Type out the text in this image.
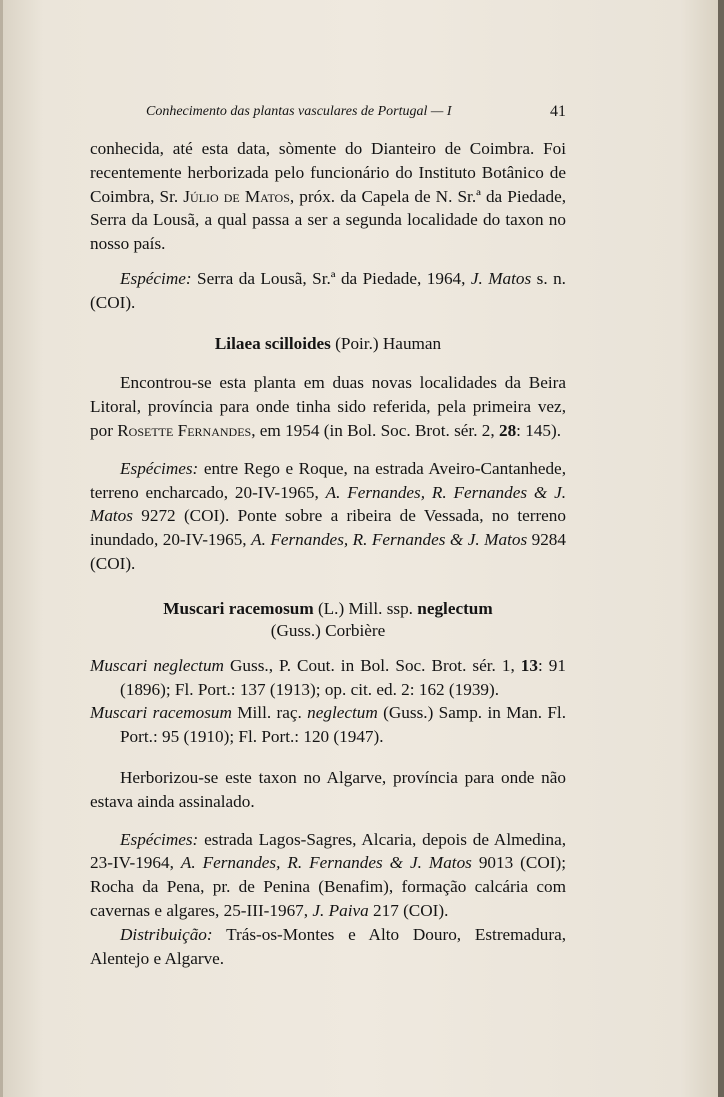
Conhecimento das plantas vasculares de Portugal — I	41

conhecida, até esta data, sòmente do Dianteiro de Coimbra. Foi recentemente herborizada pelo funcionário do Instituto Botânico de Coimbra, Sr. Júlio de Matos, próx. da Capela de N. Sr.ª da Piedade, Serra da Lousã, a qual passa a ser a segunda localidade do taxon no nosso país.

Espécime: Serra da Lousã, Sr.ª da Piedade, 1964, J. Matos s. n. (COI).

Lilaea scilloides (Poir.) Hauman

Encontrou-se esta planta em duas novas localidades da Beira Litoral, província para onde tinha sido referida, pela primeira vez, por Rosette Fernandes, em 1954 (in Bol. Soc. Brot. sér. 2, 28: 145).

Espécimes: entre Rego e Roque, na estrada Aveiro-Cantanhede, terreno encharcado, 20-IV-1965, A. Fernandes, R. Fernandes & J. Matos 9272 (COI). Ponte sobre a ribeira de Vessada, no terreno inundado, 20-IV-1965, A. Fernandes, R. Fernandes & J. Matos 9284 (COI).

Muscari racemosum (L.) Mill. ssp. neglectum
(Guss.) Corbière

Muscari neglectum Guss., P. Cout. in Bol. Soc. Brot. sér. 1, 13: 91 (1896); Fl. Port.: 137 (1913); op. cit. ed. 2: 162 (1939).

Muscari racemosum Mill. raç. neglectum (Guss.) Samp. in Man. Fl. Port.: 95 (1910); Fl. Port.: 120 (1947).

Herborizou-se este taxon no Algarve, província para onde não estava ainda assinalado.

Espécimes: estrada Lagos-Sagres, Alcaria, depois de Almedina, 23-IV-1964, A. Fernandes, R. Fernandes & J. Matos 9013 (COI); Rocha da Pena, pr. de Penina (Benafim), formação calcária com cavernas e algares, 25-III-1967, J. Paiva 217 (COI).

Distribuição: Trás-os-Montes e Alto Douro, Estremadura, Alentejo e Algarve.
